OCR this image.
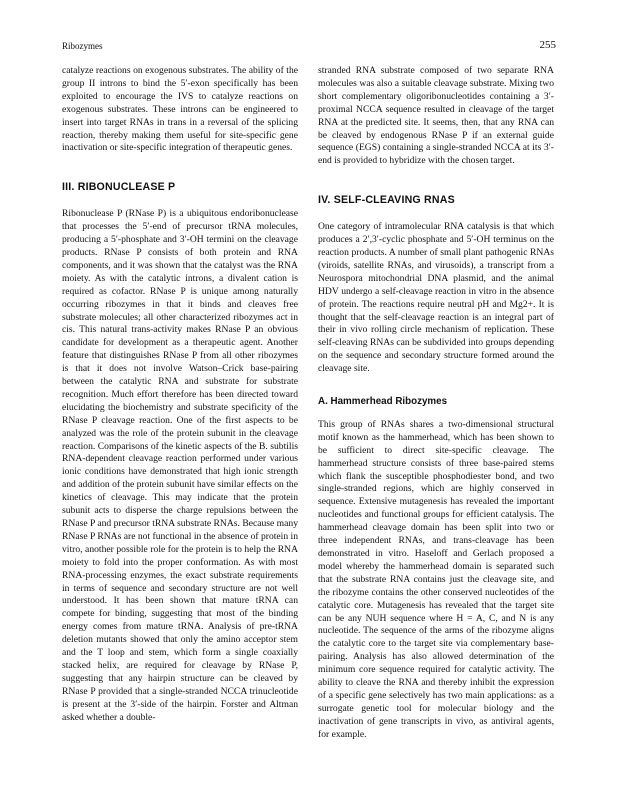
Ribozymes	255

catalyze reactions on exogenous substrates. The ability of the group II introns to bind the 5′-exon specifically has been exploited to encourage the IVS to catalyze reactions on exogenous substrates. These introns can be engineered to insert into target RNAs in trans in a reversal of the splicing reaction, thereby making them useful for site-specific gene inactivation or site-specific integration of therapeutic genes.

III. RIBONUCLEASE P

Ribonuclease P (RNase P) is a ubiquitous endoribonuclease that processes the 5′-end of precursor tRNA molecules, producing a 5′-phosphate and 3′-OH termini on the cleavage products. RNase P consists of both protein and RNA components, and it was shown that the catalyst was the RNA moiety. As with the catalytic introns, a divalent cation is required as cofactor. RNase P is unique among naturally occurring ribozymes in that it binds and cleaves free substrate molecules; all other characterized ribozymes act in cis. This natural trans-activity makes RNase P an obvious candidate for development as a therapeutic agent. Another feature that distinguishes RNase P from all other ribozymes is that it does not involve Watson–Crick base-pairing between the catalytic RNA and substrate for substrate recognition. Much effort therefore has been directed toward elucidating the biochemistry and substrate specificity of the RNase P cleavage reaction. One of the first aspects to be analyzed was the role of the protein subunit in the cleavage reaction. Comparisons of the kinetic aspects of the B. subtilis RNA-dependent cleavage reaction performed under various ionic conditions have demonstrated that high ionic strength and addition of the protein subunit have similar effects on the kinetics of cleavage. This may indicate that the protein subunit acts to disperse the charge repulsions between the RNase P and precursor tRNA substrate RNAs. Because many RNase P RNAs are not functional in the absence of protein in vitro, another possible role for the protein is to help the RNA moiety to fold into the proper conformation. As with most RNA-processing enzymes, the exact substrate requirements in terms of sequence and secondary structure are not well understood. It has been shown that mature tRNA can compete for binding, suggesting that most of the binding energy comes from mature tRNA. Analysis of pre-tRNA deletion mutants showed that only the amino acceptor stem and the T loop and stem, which form a single coaxially stacked helix, are required for cleavage by RNase P, suggesting that any hairpin structure can be cleaved by RNase P provided that a single-stranded NCCA trinucleotide is present at the 3′-side of the hairpin. Forster and Altman asked whether a double-

stranded RNA substrate composed of two separate RNA molecules was also a suitable cleavage substrate. Mixing two short complementary oligoribonucleotides containing a 3′-proximal NCCA sequence resulted in cleavage of the target RNA at the predicted site. It seems, then, that any RNA can be cleaved by endogenous RNase P if an external guide sequence (EGS) containing a single-stranded NCCA at its 3′-end is provided to hybridize with the chosen target.

IV. SELF-CLEAVING RNAS

One category of intramolecular RNA catalysis is that which produces a 2′,3′-cyclic phosphate and 5′-OH terminus on the reaction products. A number of small plant pathogenic RNAs (viroids, satellite RNAs, and virusoids), a transcript from a Neurospora mitochondrial DNA plasmid, and the animal HDV undergo a self-cleavage reaction in vitro in the absence of protein. The reactions require neutral pH and Mg2+. It is thought that the self-cleavage reaction is an integral part of their in vivo rolling circle mechanism of replication. These self-cleaving RNAs can be subdivided into groups depending on the sequence and secondary structure formed around the cleavage site.

A. Hammerhead Ribozymes

This group of RNAs shares a two-dimensional structural motif known as the hammerhead, which has been shown to be sufficient to direct site-specific cleavage. The hammerhead structure consists of three base-paired stems which flank the susceptible phosphodiester bond, and two single-stranded regions, which are highly conserved in sequence. Extensive mutagenesis has revealed the important nucleotides and functional groups for efficient catalysis. The hammerhead cleavage domain has been split into two or three independent RNAs, and trans-cleavage has been demonstrated in vitro. Haseloff and Gerlach proposed a model whereby the hammerhead domain is separated such that the substrate RNA contains just the cleavage site, and the ribozyme contains the other conserved nucleotides of the catalytic core. Mutagenesis has revealed that the target site can be any NUH sequence where H = A, C, and N is any nucleotide. The sequence of the arms of the ribozyme aligns the catalytic core to the target site via complementary base-pairing. Analysis has also allowed determination of the minimum core sequence required for catalytic activity. The ability to cleave the RNA and thereby inhibit the expression of a specific gene selectively has two main applications: as a surrogate genetic tool for molecular biology and the inactivation of gene transcripts in vivo, as antiviral agents, for example.
